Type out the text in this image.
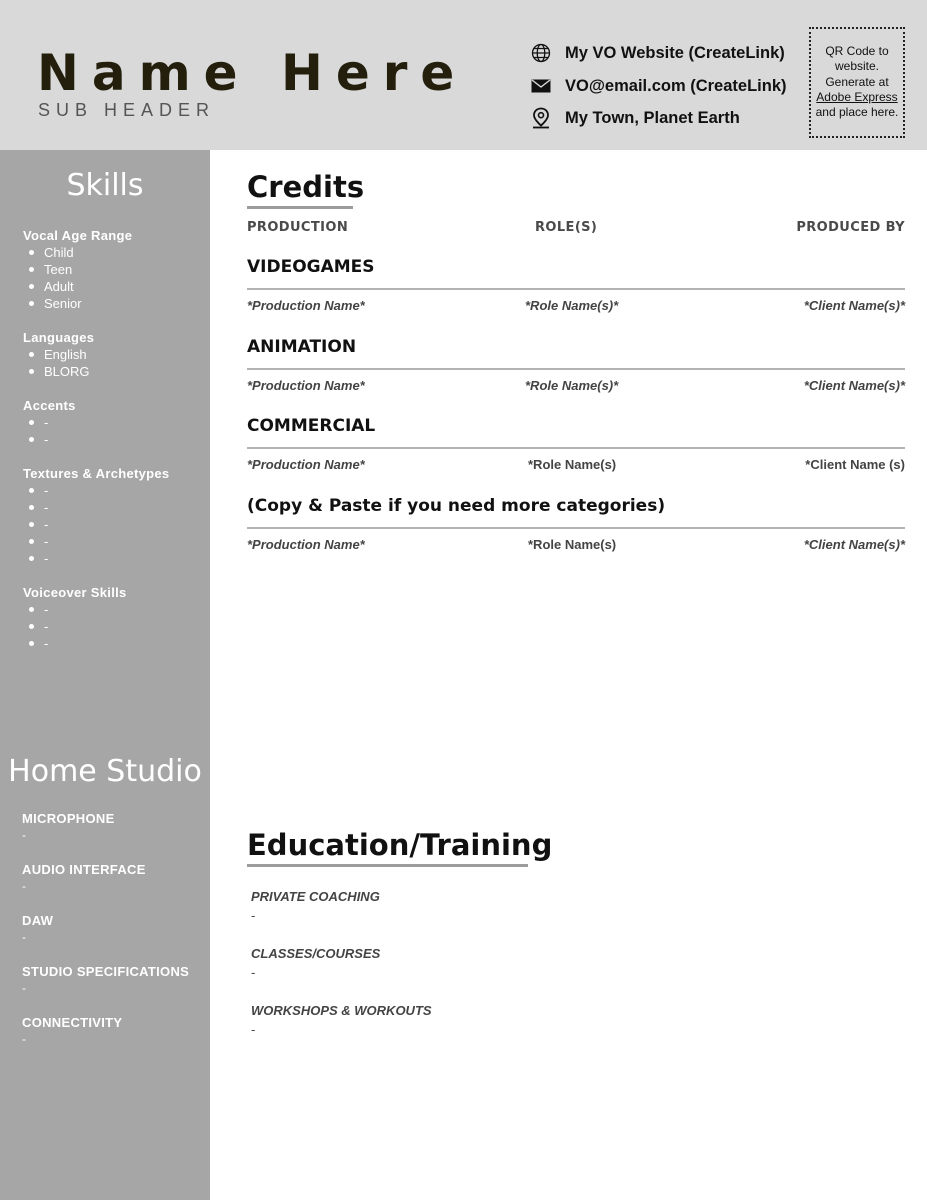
Name Here
SUB HEADER
My VO Website (CreateLink)
VO@email.com (CreateLink)
My Town, Planet Earth
QR Code to
website.
Generate at
Adobe Express
and place here.
Skills
Vocal Age Range
Child
Teen
Adult
Senior
Languages
English
BLORG
Accents
-
-
Textures & Archetypes
-
-
-
-
-
Voiceover Skills
-
-
-
Home Studio
MICROPHONE
-
AUDIO INTERFACE
-
DAW
-
STUDIO SPECIFICATIONS
-
CONNECTIVITY
-
Credits
PRODUCTION	ROLE(S)	PRODUCED BY
VIDEOGAMES
*Production Name*	*Role Name(s)*	*Client Name(s)*
ANIMATION
*Production Name*	*Role Name(s)*	*Client Name(s)*
COMMERCIAL
*Production Name*	*Role Name(s)	*Client Name (s)
(Copy & Paste if you need more categories)
*Production Name*	*Role Name(s)	*Client Name(s)*
Education/Training
PRIVATE COACHING
-
CLASSES/COURSES
-
WORKSHOPS & WORKOUTS
-
